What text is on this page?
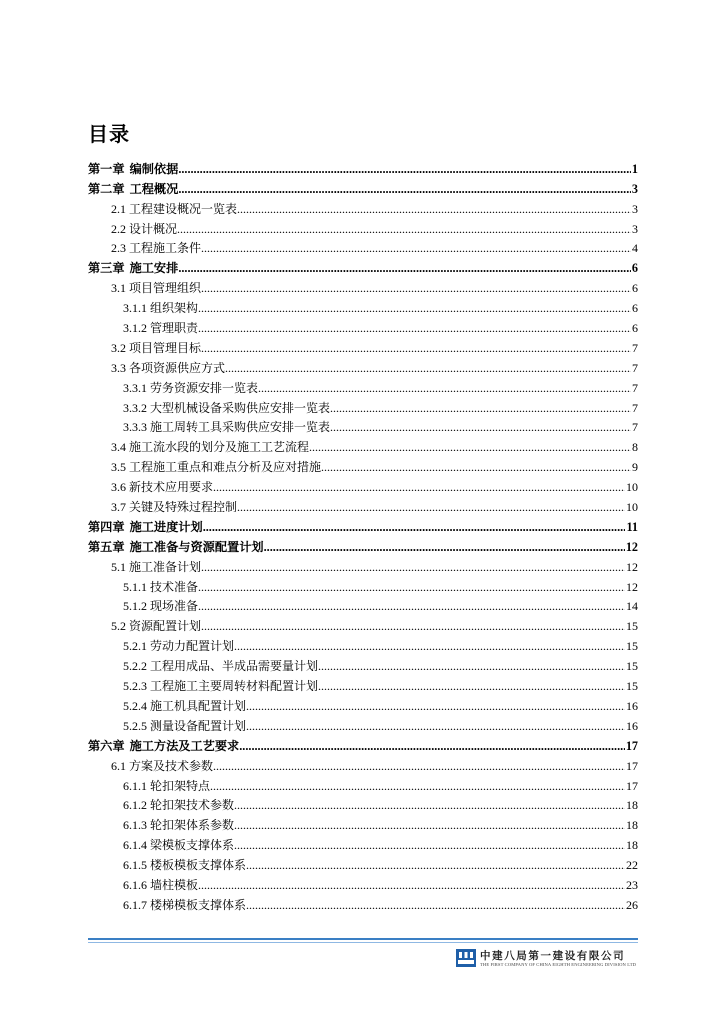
目录
第一章 编制依据 .....	1
第二章 工程概况 .....	3
2.1 工程建设概况一览表 .....	3
2.2 设计概况 .....	3
2.3 工程施工条件 .....	4
第三章 施工安排 .....	6
3.1 项目管理组织 .....	6
3.1.1 组织架构 .....	6
3.1.2 管理职责 .....	6
3.2 项目管理目标 .....	7
3.3 各项资源供应方式 .....	7
3.3.1 劳务资源安排一览表 .....	7
3.3.2 大型机械设备采购供应安排一览表 .....	7
3.3.3 施工周转工具采购供应安排一览表 .....	7
3.4 施工流水段的划分及施工工艺流程 .....	8
3.5 工程施工重点和难点分析及应对措施 .....	9
3.6 新技术应用要求 .....	10
3.7 关键及特殊过程控制 .....	10
第四章 施工进度计划 .....	11
第五章 施工准备与资源配置计划 .....	12
5.1 施工准备计划 .....	12
5.1.1 技术准备 .....	12
5.1.2 现场准备 .....	14
5.2 资源配置计划 .....	15
5.2.1 劳动力配置计划 .....	15
5.2.2 工程用成品、半成品需要量计划 .....	15
5.2.3 工程施工主要周转材料配置计划 .....	15
5.2.4 施工机具配置计划 .....	16
5.2.5 测量设备配置计划 .....	16
第六章 施工方法及工艺要求 .....	17
6.1 方案及技术参数 .....	17
6.1.1 轮扣架特点 .....	17
6.1.2 轮扣架技术参数 .....	18
6.1.3 轮扣架体系参数 .....	18
6.1.4 梁模板支撑体系 .....	18
6.1.5 楼板模板支撑体系 .....	22
6.1.6 墙柱模板 .....	23
6.1.7 楼梯模板支撑体系 .....	26
中建八局第一建设有限公司
THE FIRST COMPANY OF CHINA EIGHTH ENGINEERING DIVISION LTD
